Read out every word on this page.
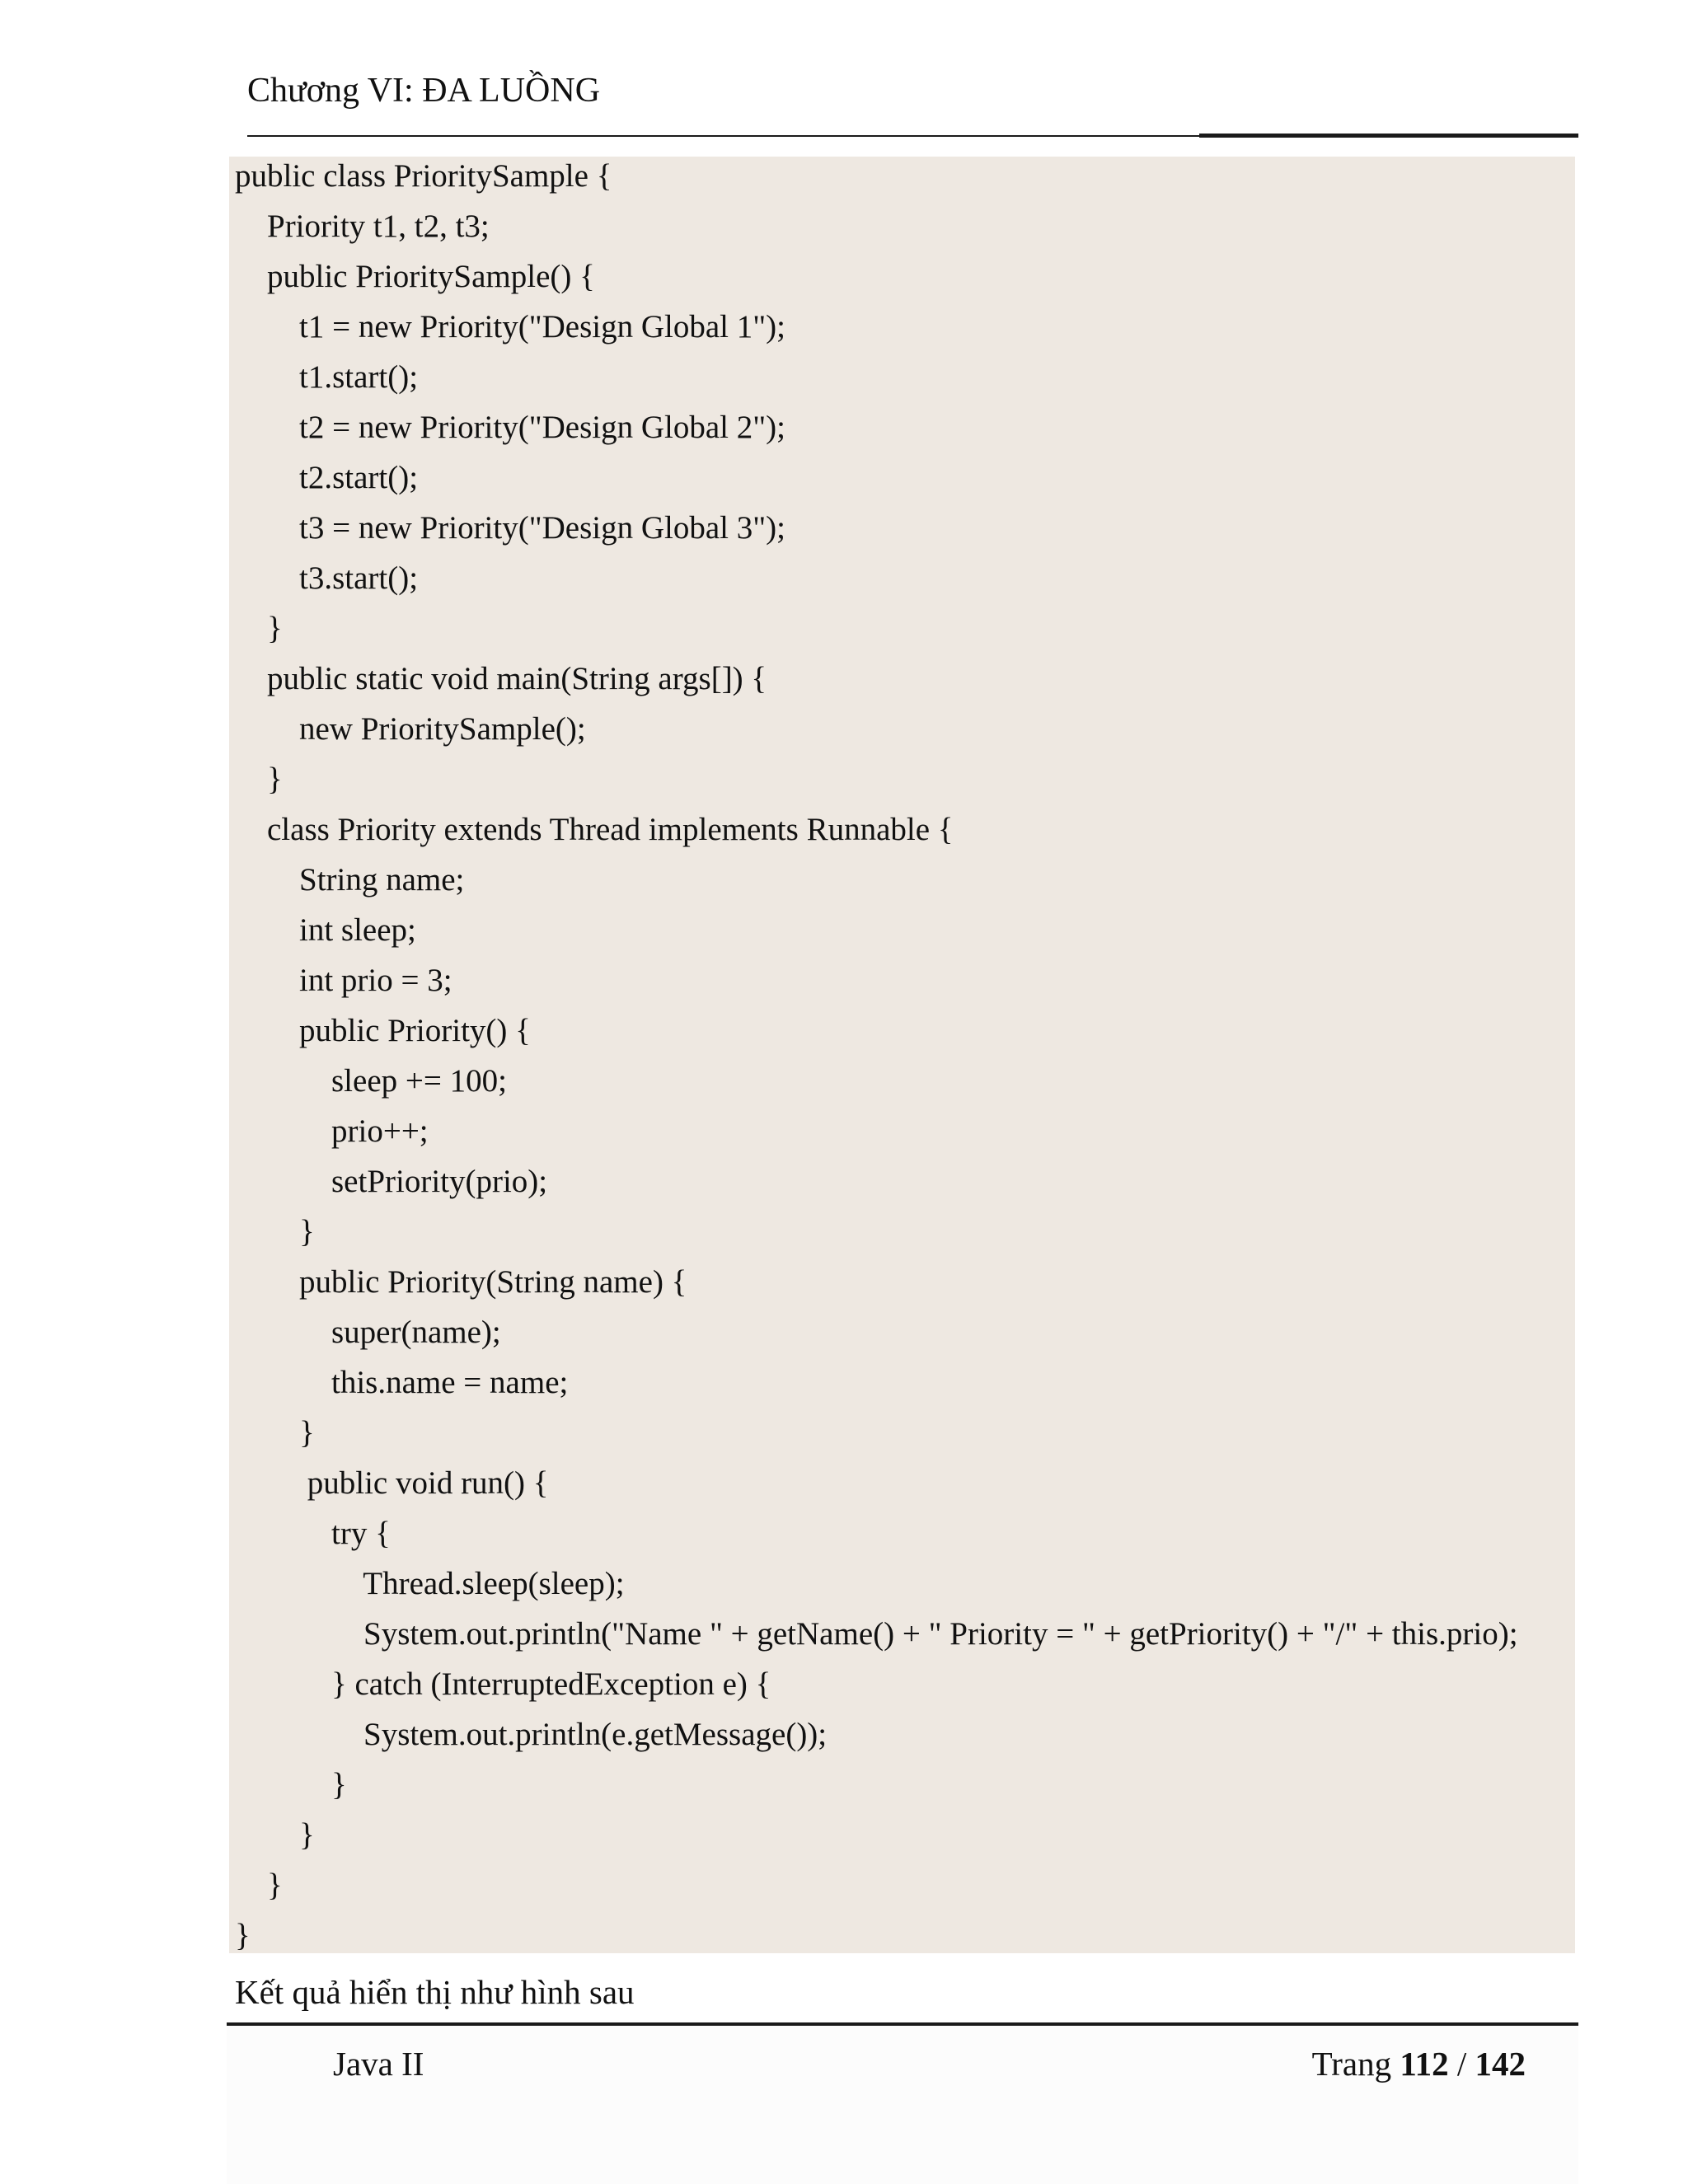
Chương VI: ĐA LUỒNG
public class PrioritySample {
Priority t1, t2, t3;
public PrioritySample() {
t1 = new Priority("Design Global 1");
t1.start();
t2 = new Priority("Design Global 2");
t2.start();
t3 = new Priority("Design Global 3");
t3.start();
}
public static void main(String args[]) {
new PrioritySample();
}
class Priority extends Thread implements Runnable {
String name;
int sleep;
int prio = 3;
public Priority() {
sleep += 100;
prio++;
setPriority(prio);
}
public Priority(String name) {
super(name);
this.name = name;
}
public void run() {
try {
Thread.sleep(sleep);
System.out.println("Name " + getName() + " Priority = " + getPriority() + "/" + this.prio);
} catch (InterruptedException e) {
System.out.println(e.getMessage());
}
}
}
}
Kết quả hiển thị như hình sau
Java II	Trang 112 / 142
